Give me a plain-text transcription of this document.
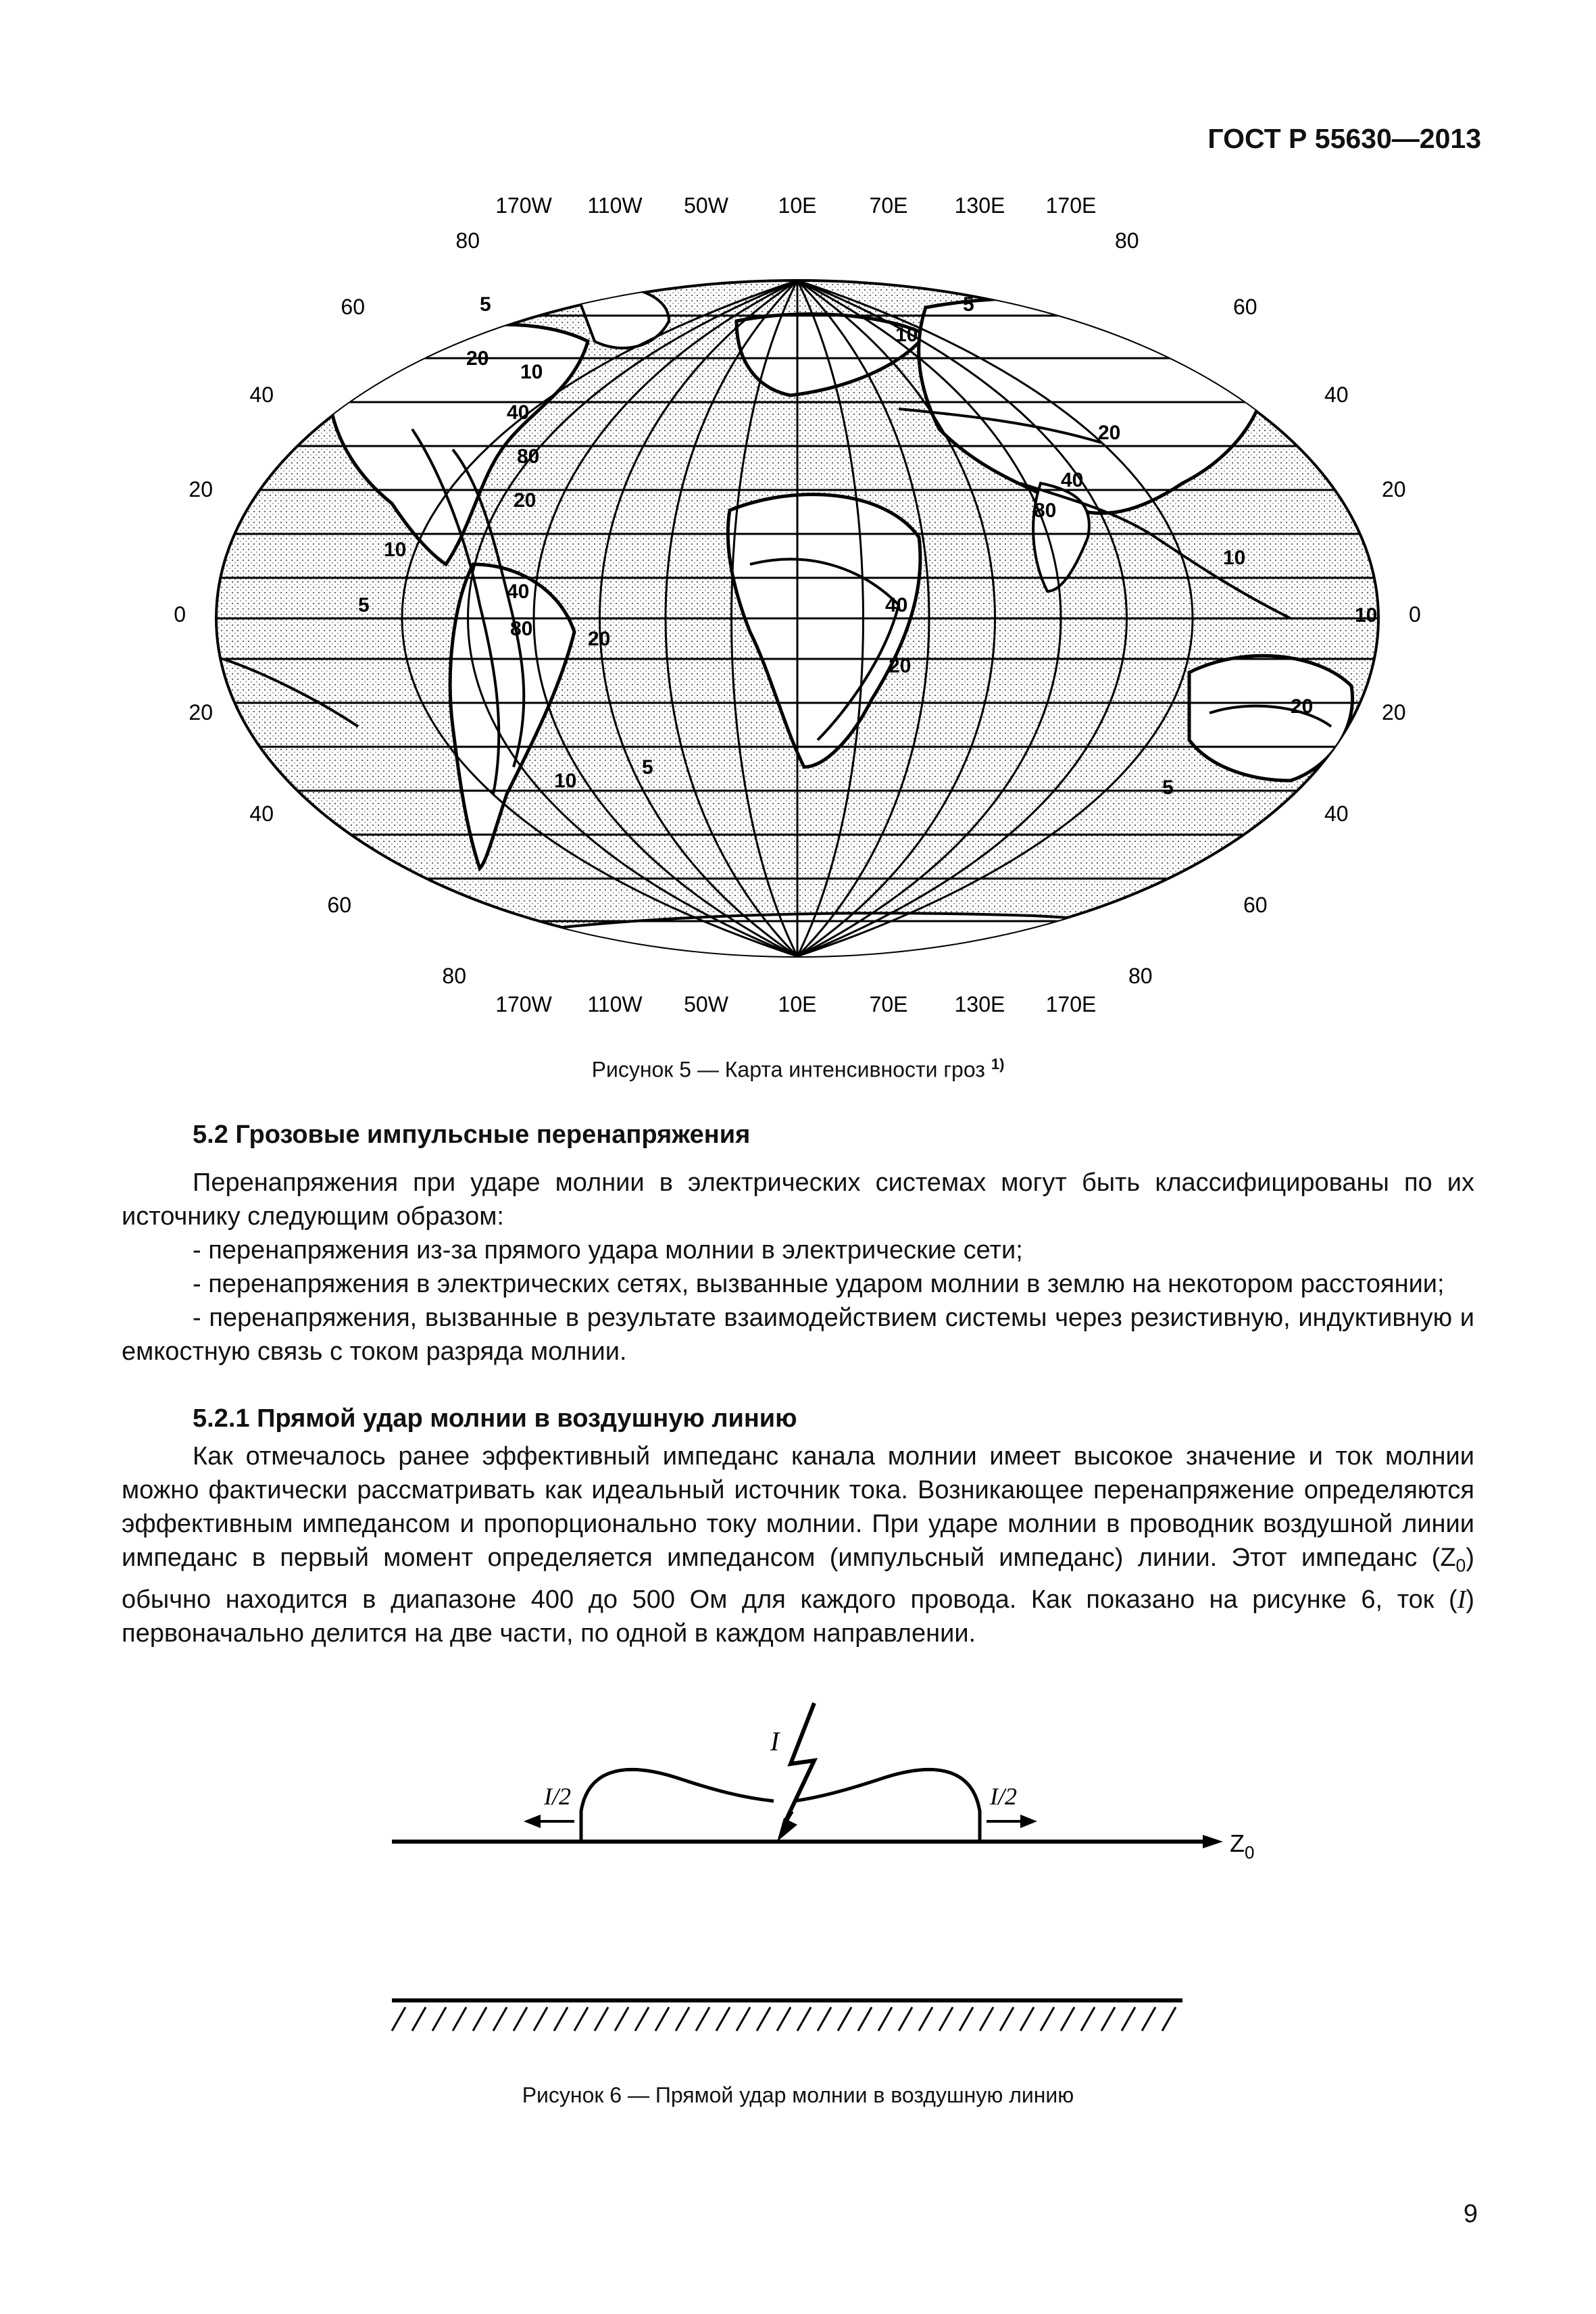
ГОСТ Р 55630—2013
5
10
20
40
80
20
10
5
40
80	20
10
5
40
20
10
5
80
40
20
10
5
20
10
170W 110W 50W 10E 70E 130E 170E
170W 110W 50W 10E 70E 130E 170E
80
60
40
20
0
20
40
60
80
80
60
40
20
0
20
40
60
80
Рисунок 5 — Карта интенсивности гроз $^{1)}$
5.2 Грозовые импульсные перенапряжения

Перенапряжения при ударе молнии в электрических системах могут быть классифицированы по их источнику следующим образом:

- перенапряжения из-за прямого удара молнии в электрические сети;

- перенапряжения в электрических сетях, вызванные ударом молнии в землю на некотором расстоянии;

- перенапряжения, вызванные в результате взаимодействием системы через резистивную, индуктивную и емкостную связь с током разряда молнии.

5.2.1 Прямой удар молнии в воздушную линию

Как отмечалось ранее эффективный импеданс канала молнии имеет высокое значение и ток молнии можно фактически рассматривать как идеальный источник тока. Возникающее перенапряжение определяются эффективным импедансом и пропорционально току молнии. При ударе молнии в проводник воздушной линии импеданс в первый момент определяется импедансом (импульсный импеданс) линии. Этот импеданс $(Z_0)$ обычно находится в диапазоне 400 до 500 Ом для каждого провода. Как показано на рисунке 6, ток (I) первоначально делится на две части, по одной в каждом направлении.

I
I/2	I/2
$Z_0$
Рисунок 6 — Прямой удар молнии в воздушную линию
9
